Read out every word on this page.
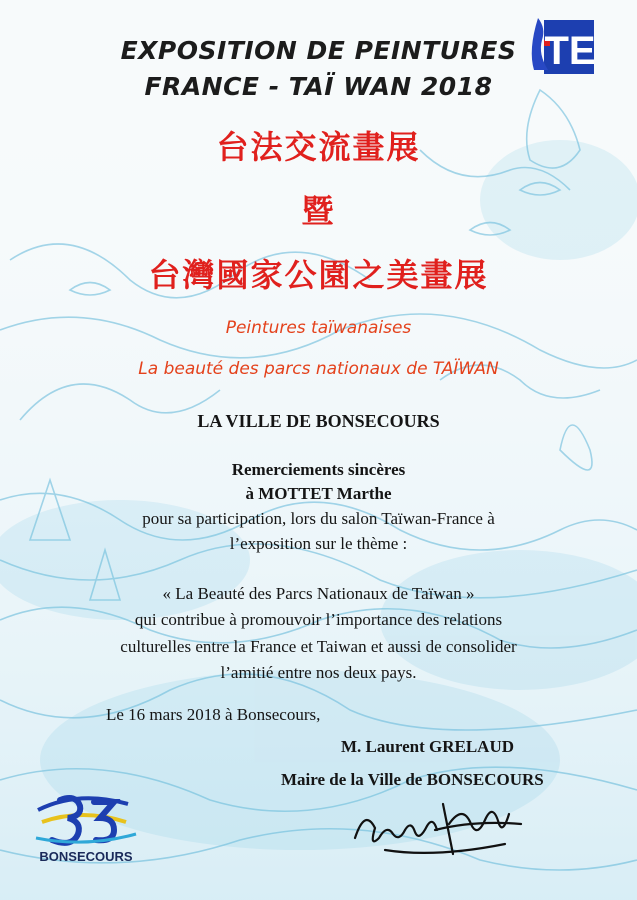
TE

EXPOSITION DE PEINTURES

FRANCE - TAÏ WAN 2018

台法交流畫展

暨

台灣國家公園之美畫展

Peintures taïwanaises

La beauté des parcs nationaux de TAÏWAN

LA VILLE DE BONSECOURS

Remerciements sincères

à MOTTET Marthe

pour sa participation, lors du salon Taïwan-France à

l’exposition sur le thème :

« La Beauté des Parcs Nationaux de Taïwan »

qui contribue à promouvoir l’importance des relations

culturelles entre la France et Taiwan et aussi de consolider

l’amitié entre nos deux pays.

Le 16 mars 2018 à Bonsecours,

M. Laurent GRELAUD

Maire de la Ville de BONSECOURS

BONSECOURS
